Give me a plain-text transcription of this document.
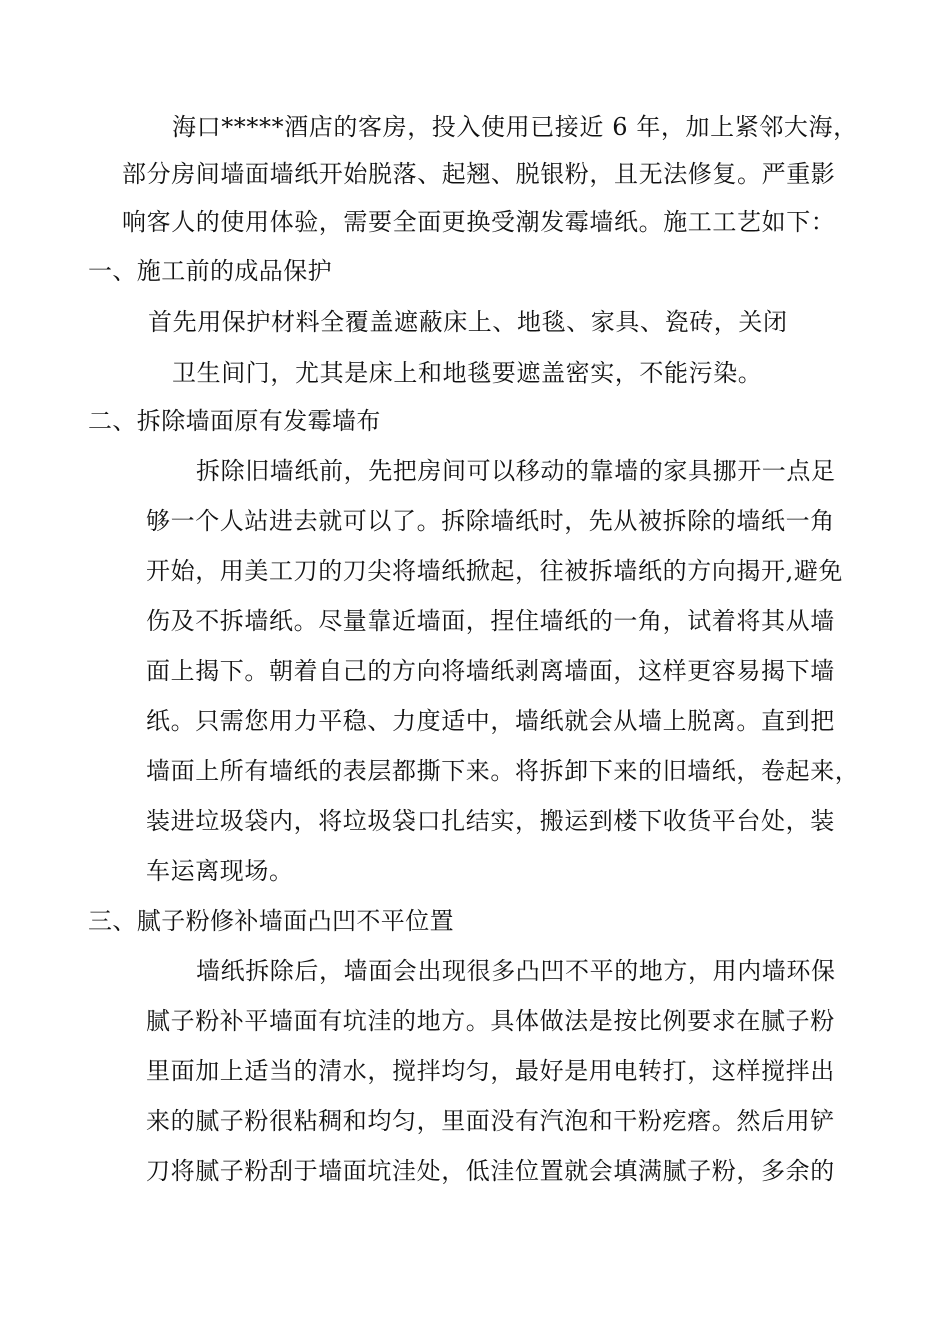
海口*****酒店的客房，投入使用已接近 6 年，加上紧邻大海，
部分房间墙面墙纸开始脱落、起翘、脱银粉，且无法修复。严重影
响客人的使用体验，需要全面更换受潮发霉墙纸。施工工艺如下：
一、施工前的成品保护
首先用保护材料全覆盖遮蔽床上、地毯、家具、瓷砖，关闭
卫生间门，尤其是床上和地毯要遮盖密实，不能污染。
二、拆除墙面原有发霉墙布
拆除旧墙纸前，先把房间可以移动的靠墙的家具挪开一点足
够一个人站进去就可以了。拆除墙纸时，先从被拆除的墙纸一角
开始，用美工刀的刀尖将墙纸掀起，往被拆墙纸的方向揭开,避免
伤及不拆墙纸。尽量靠近墙面，捏住墙纸的一角，试着将其从墙
面上揭下。朝着自己的方向将墙纸剥离墙面，这样更容易揭下墙
纸。只需您用力平稳、力度适中，墙纸就会从墙上脱离。直到把
墙面上所有墙纸的表层都撕下来。将拆卸下来的旧墙纸，卷起来，
装进垃圾袋内，将垃圾袋口扎结实，搬运到楼下收货平台处，装
车运离现场。
三、腻子粉修补墙面凸凹不平位置
墙纸拆除后，墙面会出现很多凸凹不平的地方，用内墙环保
腻子粉补平墙面有坑洼的地方。具体做法是按比例要求在腻子粉
里面加上适当的清水，搅拌均匀，最好是用电转打，这样搅拌出
来的腻子粉很粘稠和均匀，里面没有汽泡和干粉疙瘩。然后用铲
刀将腻子粉刮于墙面坑洼处，低洼位置就会填满腻子粉，多余的
